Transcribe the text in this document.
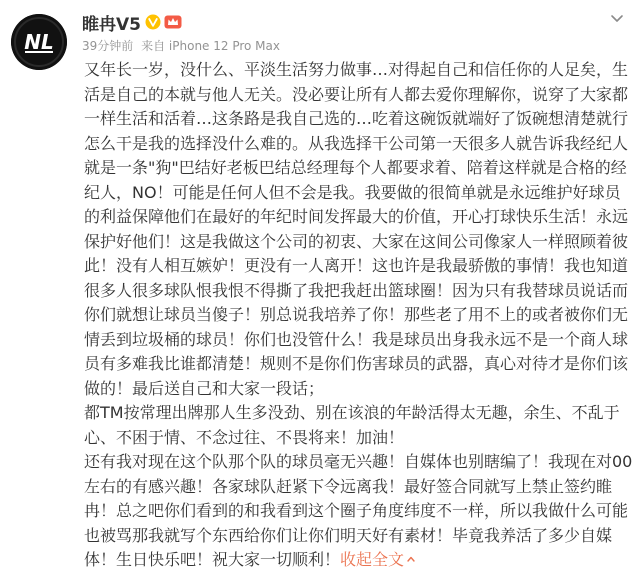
NL
睢冉V5
39分钟前 来自 iPhone 12 Pro Max
又年长一岁，没什么、平淡生活努力做事…对得起自己和信任你的人足矣，生活是自己的本就与他人无关。没必要让所有人都去爱你理解你，说穿了大家都一样生活和活着…这条路是我自己选的…吃着这碗饭就端好了饭碗想清楚就行怎么干是我的选择没什么难的。从我选择干公司第一天很多人就告诉我经纪人就是一条"狗"巴结好老板巴结总经理每个人都要求着、陪着这样就是合格的经纪人，NO！可能是任何人但不会是我。我要做的很简单就是永远维护好球员的利益保障他们在最好的年纪时间发挥最大的价值，开心打球快乐生活！永远保护好他们！这是我做这个公司的初衷、大家在这间公司像家人一样照顾着彼此！没有人相互嫉妒！更没有一人离开！这也许是我最骄傲的事情！我也知道很多人很多球队恨我恨不得撕了我把我赶出篮球圈！因为只有我替球员说话而你们就想让球员当傻子！别总说我培养了你！那些老了用不上的或者被你们无情丢到垃圾桶的球员！你们也没管什么！我是球员出身我永远不是一个商人球员有多难我比谁都清楚！规则不是你们伤害球员的武器，真心对待才是你们该做的！最后送自己和大家一段话；
都TM按常理出牌那人生多没劲、别在该浪的年龄活得太无趣，余生、不乱于心、不困于情、不念过往、不畏将来！加油！
还有我对现在这个队那个队的球员毫无兴趣！自媒体也别瞎编了！我现在对00左右的有感兴趣！各家球队赶紧下令远离我！最好签合同就写上禁止签约睢冉！总之吧你们看到的和我看到这个圈子角度纬度不一样，所以我做什么可能也被骂那我就写个东西给你们让你们明天好有素材！毕竟我养活了多少自媒体！生日快乐吧！祝大家一切顺利！收起全文
